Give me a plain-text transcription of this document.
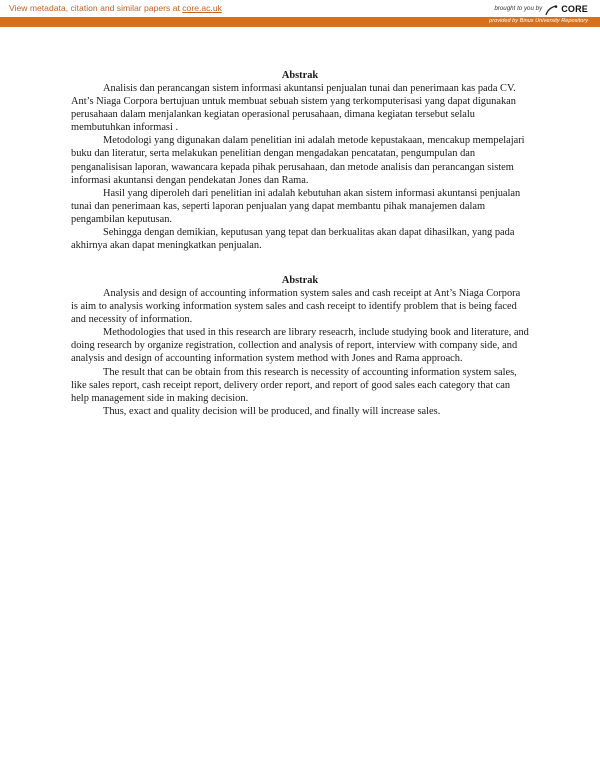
View metadata, citation and similar papers at core.ac.uk	brought to you by CORE
provided by Binus University Repository
Abstrak

Analisis dan perancangan sistem informasi akuntansi penjualan tunai dan penerimaan kas pada CV. Ant’s Niaga Corpora bertujuan untuk membuat sebuah sistem yang terkomputerisasi yang dapat digunakan perusahaan dalam menjalankan kegiatan operasional perusahaan, dimana kegiatan tersebut selalu membutuhkan informasi .

Metodologi yang digunakan dalam penelitian ini adalah metode kepustakaan, mencakup mempelajari buku dan literatur, serta melakukan penelitian dengan mengadakan pencatatan, pengumpulan dan penganalisisan laporan, wawancara kepada pihak perusahaan, dan metode analisis dan perancangan sistem informasi akuntansi dengan pendekatan Jones dan Rama.

Hasil yang diperoleh dari penelitian ini adalah kebutuhan akan sistem informasi akuntansi penjualan tunai dan penerimaan kas, seperti laporan penjualan yang dapat membantu pihak manajemen dalam pengambilan keputusan.

Sehingga dengan demikian, keputusan yang tepat dan berkualitas akan dapat dihasilkan, yang pada akhirnya akan dapat meningkatkan penjualan.

Abstrak

Analysis and design of accounting information system sales and cash receipt at Ant’s Niaga Corpora is aim to analysis working information system sales and cash receipt to identify problem that is being faced and necessity of information.

Methodologies that used in this research are library reseacrh, include studying book and literature, and doing research by organize registration, collection and analysis of report, interview with company side, and analysis and design of accounting information system method with Jones and Rama approach.

The result that can be obtain from this research is necessity of accounting information system sales, like sales report, cash receipt report, delivery order report, and report of good sales each category that can help management side in making decision.

Thus, exact and quality decision will be produced, and finally will increase sales.
